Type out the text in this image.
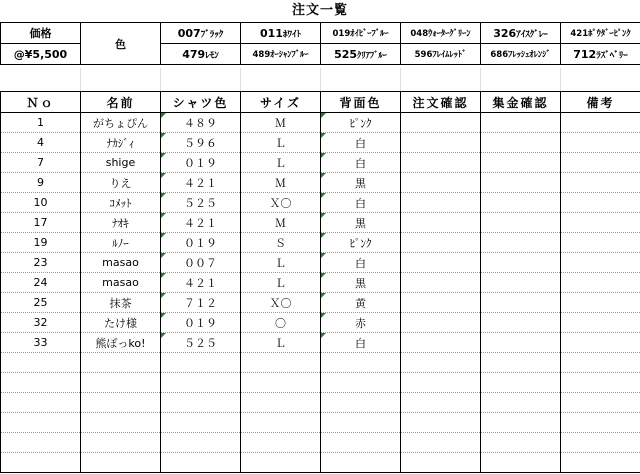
注文一覧
価格	色	007ﾌﾞﾗｯｸ	011ﾎﾜｲﾄ	019ｵｲﾋﾞｰﾌﾞﾙｰ	048ｳｫｰﾀｰｸﾞﾘｰﾝ	326ｱｲｽｸﾞﾚｰ	421ﾎﾟｳﾀﾞｰﾋﾟﾝｸ
@¥5,500		479ﾚﾓﾝ	489ｵｰｼｬﾝﾌﾞﾙｰ	525ｸﾘｱﾌﾞﾙｰ	596ﾌﾚｲﾑﾚｯﾄﾞ	686ﾌﾚｯｼｭｵﾚﾝｼﾞ	712ﾗｽﾞﾍﾞﾘｰ
Ｎｏ	名前	シャツ色	サイズ	背面色	注文確認	集金確認	備考
1	がちょぴん	４８９	Ｍ	ﾋﾟﾝｸ			
4	ﾅｶｼﾞｨ	５９６	Ｌ	白			
7	shige	０１９	Ｌ	白			
9	りえ	４２１	Ｍ	黒			
10	ｺﾒｯﾄ	５２５	Ｘ〇	白			
17	ﾅｵｷ	４２１	Ｍ	黒			
19	ﾙﾉｰ	０１９	Ｓ	ﾋﾟﾝｸ			
23	masao	００７	Ｌ	白			
24	masao	４２１	Ｌ	黒			
25	抹茶	７１２	Ｘ〇	黄			
32	たけ様	０１９	〇	赤			
33	熊ぽっko!	５２５	Ｌ	白			
